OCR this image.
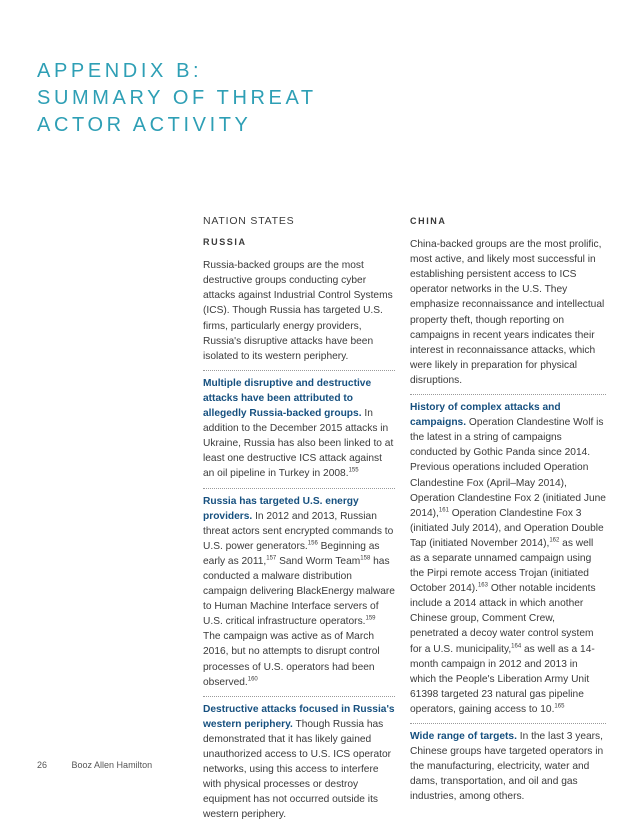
APPENDIX B:
SUMMARY OF THREAT
ACTOR ACTIVITY
NATION STATES
RUSSIA

Russia-backed groups are the most destructive groups conducting cyber attacks against Industrial Control Systems (ICS). Though Russia has targeted U.S. firms, particularly energy providers, Russia's disruptive attacks have been isolated to its western periphery.

Multiple disruptive and destructive attacks have been attributed to allegedly Russia-backed groups. In addition to the December 2015 attacks in Ukraine, Russia has also been linked to at least one destructive ICS attack against an oil pipeline in Turkey in 2008.$^{155}$

Russia has targeted U.S. energy providers. In 2012 and 2013, Russian threat actors sent encrypted commands to U.S. power generators.$^{156}$ Beginning as early as 2011,$^{157}$ Sand Worm Team$^{158}$ has conducted a malware distribution campaign delivering BlackEnergy malware to Human Machine Interface servers of U.S. critical infrastructure operators.$^{159}$ The campaign was active as of March 2016, but no attempts to disrupt control processes of U.S. operators had been observed.$^{160}$

Destructive attacks focused in Russia's western periphery. Though Russia has demonstrated that it has likely gained unauthorized access to U.S. ICS operator networks, using this access to interfere with physical processes or destroy equipment has not occurred outside its western periphery.

CHINA

China-backed groups are the most prolific, most active, and likely most successful in establishing persistent access to ICS operator networks in the U.S. They emphasize reconnaissance and intellectual property theft, though reporting on campaigns in recent years indicates their interest in reconnaissance attacks, which were likely in preparation for physical disruptions.

History of complex attacks and campaigns. Operation Clandestine Wolf is the latest in a string of campaigns conducted by Gothic Panda since 2014. Previous operations included Operation Clandestine Fox (April–May 2014), Operation Clandestine Fox 2 (initiated June 2014),$^{161}$ Operation Clandestine Fox 3 (initiated July 2014), and Operation Double Tap (initiated November 2014),$^{162}$ as well as a separate unnamed campaign using the Pirpi remote access Trojan (initiated October 2014).$^{163}$ Other notable incidents include a 2014 attack in which another Chinese group, Comment Crew, penetrated a decoy water control system for a U.S. municipality,$^{164}$ as well as a 14-month campaign in 2012 and 2013 in which the People's Liberation Army Unit 61398 targeted 23 natural gas pipeline operators, gaining access to 10.$^{165}$

Wide range of targets. In the last 3 years, Chinese groups have targeted operators in the manufacturing, electricity, water and dams, transportation, and oil and gas industries, among others.

26	Booz Allen Hamilton
